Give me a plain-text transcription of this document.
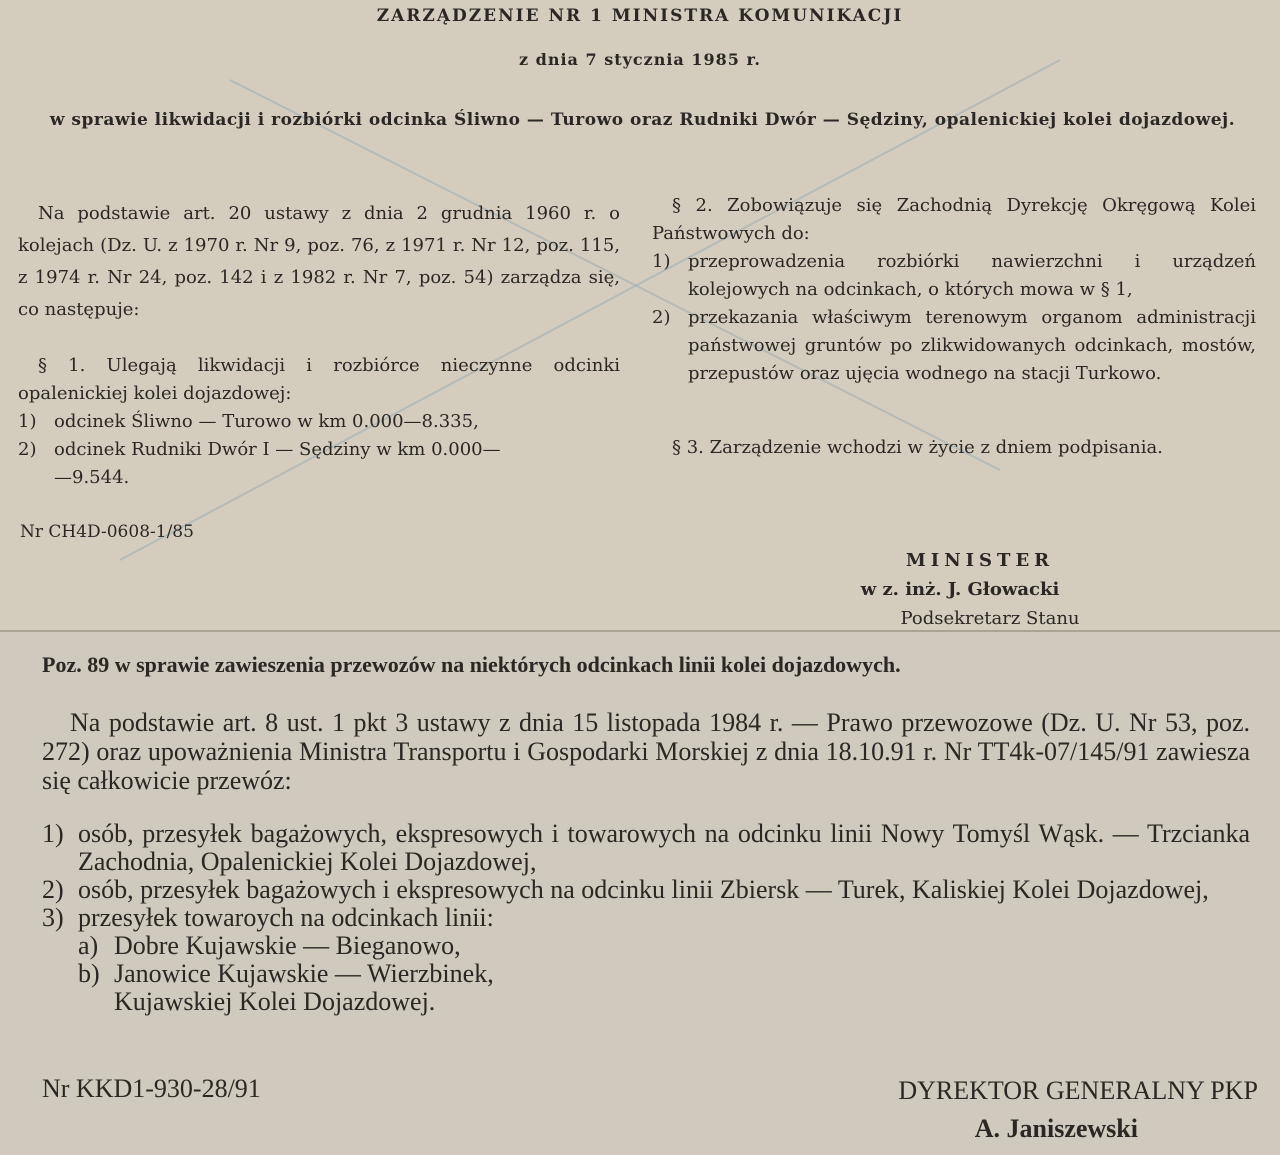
ZARZĄDZENIE NR 1 MINISTRA KOMUNIKACJI
z dnia 7 stycznia 1985 r.
w sprawie likwidacji i rozbiórki odcinka Śliwno — Turowo oraz Rudniki Dwór — Sędziny, opalenickiej kolei dojazdowej.

Na podstawie art. 20 ustawy z dnia 2 grudnia 1960 r. o kolejach (Dz. U. z 1970 r. Nr 9, poz. 76, z 1971 r. Nr 12, poz. 115, z 1974 r. Nr 24, poz. 142 i z 1982 r. Nr 7, poz. 54) zarządza się, co następuje:

§ 1. Ulegają likwidacji i rozbiórce nieczynne odcinki opalenickiej kolei dojazdowej:

1) odcinek Śliwno — Turowo w km 0.000—8.335,
2) odcinek Rudniki Dwór I — Sędziny w km 0.000—
—9.544.
Nr CH4D-0608-1/85

§ 2. Zobowiązuje się Zachodnią Dyrekcję Okręgową Kolei Państwowych do:

1) przeprowadzenia rozbiórki nawierzchni i urządzeń kolejowych na odcinkach, o których mowa w § 1,
2) przekazania właściwym terenowym organom administracji państwowej gruntów po zlikwidowanych odcinkach, mostów, przepustów oraz ujęcia wodnego na stacji Turkowo.

§ 3. Zarządzenie wchodzi w życie z dniem podpisania.

MINISTER
w z. inż. J. Głowacki
Podsekretarz Stanu
Poz. 89 w sprawie zawieszenia przewozów na niektórych odcinkach linii kolei dojazdowych.

Na podstawie art. 8 ust. 1 pkt 3 ustawy z dnia 15 listopada 1984 r. — Prawo przewozowe (Dz. U. Nr 53, poz. 272) oraz upoważnienia Ministra Transportu i Gospodarki Morskiej z dnia 18.10.91 r. Nr TT4k-07/145/91 zawiesza się całkowicie przewóz:

1) osób, przesyłek bagażowych, ekspresowych i towarowych na odcinku linii Nowy Tomyśl Wąsk. — Trzcianka Zachodnia, Opalenickiej Kolei Dojazdowej,
2) osób, przesyłek bagażowych i ekspresowych na odcinku linii Zbiersk — Turek, Kaliskiej Kolei Dojazdowej,
3) przesyłek towaroych na odcinkach linii:
a) Dobre Kujawskie — Bieganowo,
b) Janowice Kujawskie — Wierzbinek,
Kujawskiej Kolei Dojazdowej.
Nr KKD1-930-28/91	DYREKTOR GENERALNY PKP
A. Janiszewski
